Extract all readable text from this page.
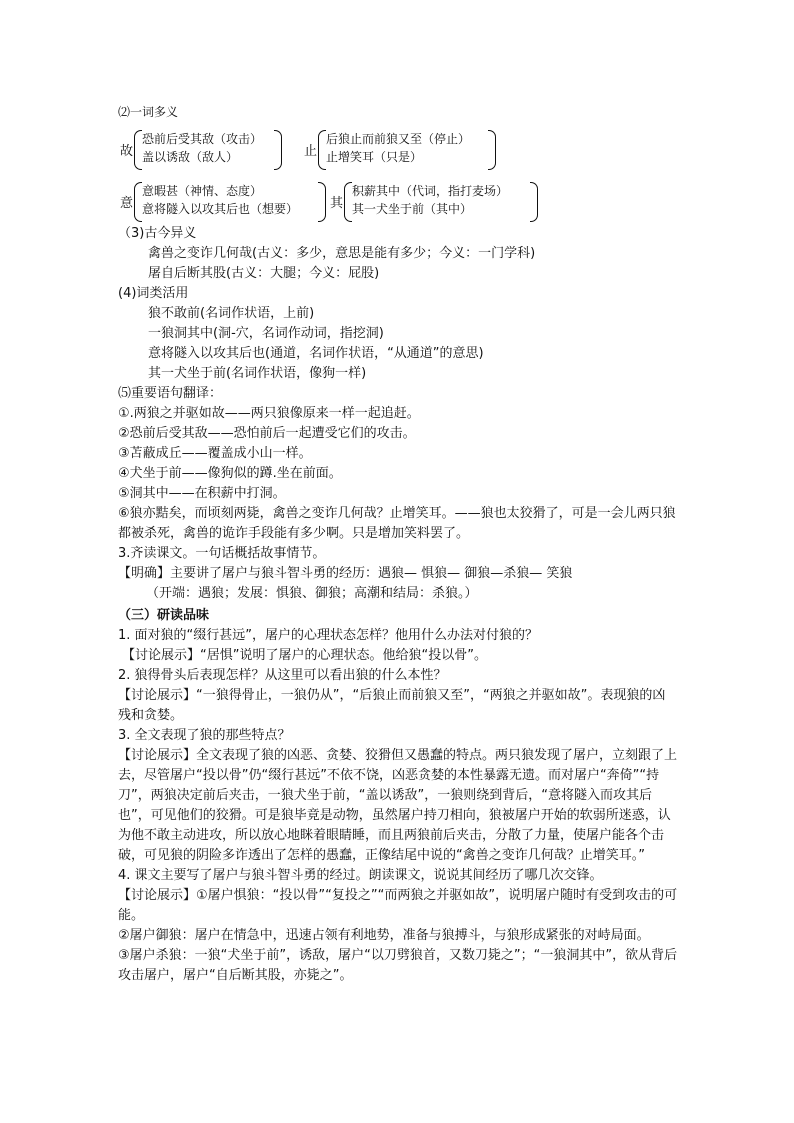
⑵一词多义
故
恐前后受其敌（攻击）
盖以诱敌（敌人）	止
后狼止而前狼又至（停止）
止增笑耳（只是）
意
意暇甚（神情、态度）
意将隧入以攻其后也（想要） 其
积薪其中（代词，指打麦场）
其一犬坐于前（其中）
（3)古今异义
禽兽之变诈几何哉(古义：多少，意思是能有多少；今义：一门学科)
屠自后断其股(古义：大腿；今义：屁股)
(4)词类活用
狼不敢前(名词作状语，上前)
一狼洞其中(洞-穴，名词作动词，指挖洞)
意将隧入以攻其后也(通道，名词作状语，“从通道”的意思)
其一犬坐于前(名词作状语，像狗一样)
⑸重要语句翻译：
①.两狼之并驱如故——两只狼像原来一样一起追赶。
②恐前后受其敌——恐怕前后一起遭受它们的攻击。
③苫蔽成丘——覆盖成小山一样。
④犬坐于前——像狗似的蹲.坐在前面。
⑤洞其中——在积薪中打洞。
⑥狼亦黠矣，而顷刻两毙，禽兽之变诈几何哉？止增笑耳。——狼也太狡猾了，可是一会儿两只狼都被杀死，禽兽的诡诈手段能有多少啊。只是增加笑料罢了。
3.齐读课文。一句话概括故事情节。
【明确】主要讲了屠户与狼斗智斗勇的经历：遇狼— 惧狼— 御狼—杀狼— 笑狼
（开端：遇狼；发展：惧狼、御狼；高潮和结局：杀狼。）
（三）研读品味
1. 面对狼的“缀行甚远”，屠户的心理状态怎样？他用什么办法对付狼的？
【讨论展示】“居惧”说明了屠户的心理状态。他给狼“投以骨”。
2. 狼得骨头后表现怎样？从这里可以看出狼的什么本性？
【讨论展示】“一狼得骨止，一狼仍从”，“后狼止而前狼又至”，“两狼之并驱如故”。表现狼的凶残和贪婪。
3. 全文表现了狼的那些特点？
【讨论展示】全文表现了狼的凶恶、贪婪、狡猾但又愚蠢的特点。两只狼发现了屠户，立刻跟了上去，尽管屠户“投以骨”仍“缀行甚远”不依不饶，凶恶贪婪的本性暴露无遗。而对屠户“奔倚”“持刀”，两狼决定前后夹击，一狼犬坐于前，“盖以诱敌”，一狼则绕到背后，“意将隧入而攻其后也”，可见他们的狡猾。可是狼毕竟是动物，虽然屠户持刀相向，狼被屠户开始的软弱所迷惑，认为他不敢主动进攻，所以放心地眯着眼睛睡，而且两狼前后夹击，分散了力量，使屠户能各个击破，可见狼的阴险多诈透出了怎样的愚蠢，正像结尾中说的“禽兽之变诈几何哉？止增笑耳。”
4. 课文主要写了屠户与狼斗智斗勇的经过。朗读课文，说说其间经历了哪几次交锋。
【讨论展示】①屠户惧狼：“投以骨”“复投之”“而两狼之并驱如故”，说明屠户随时有受到攻击的可能。
②屠户御狼：屠户在情急中，迅速占领有利地势，准备与狼搏斗，与狼形成紧张的对峙局面。
③屠户杀狼：一狼“犬坐于前”，诱敌，屠户“以刀劈狼首，又数刀毙之”；“一狼洞其中”，欲从背后攻击屠户，屠户“自后断其股，亦毙之”。
